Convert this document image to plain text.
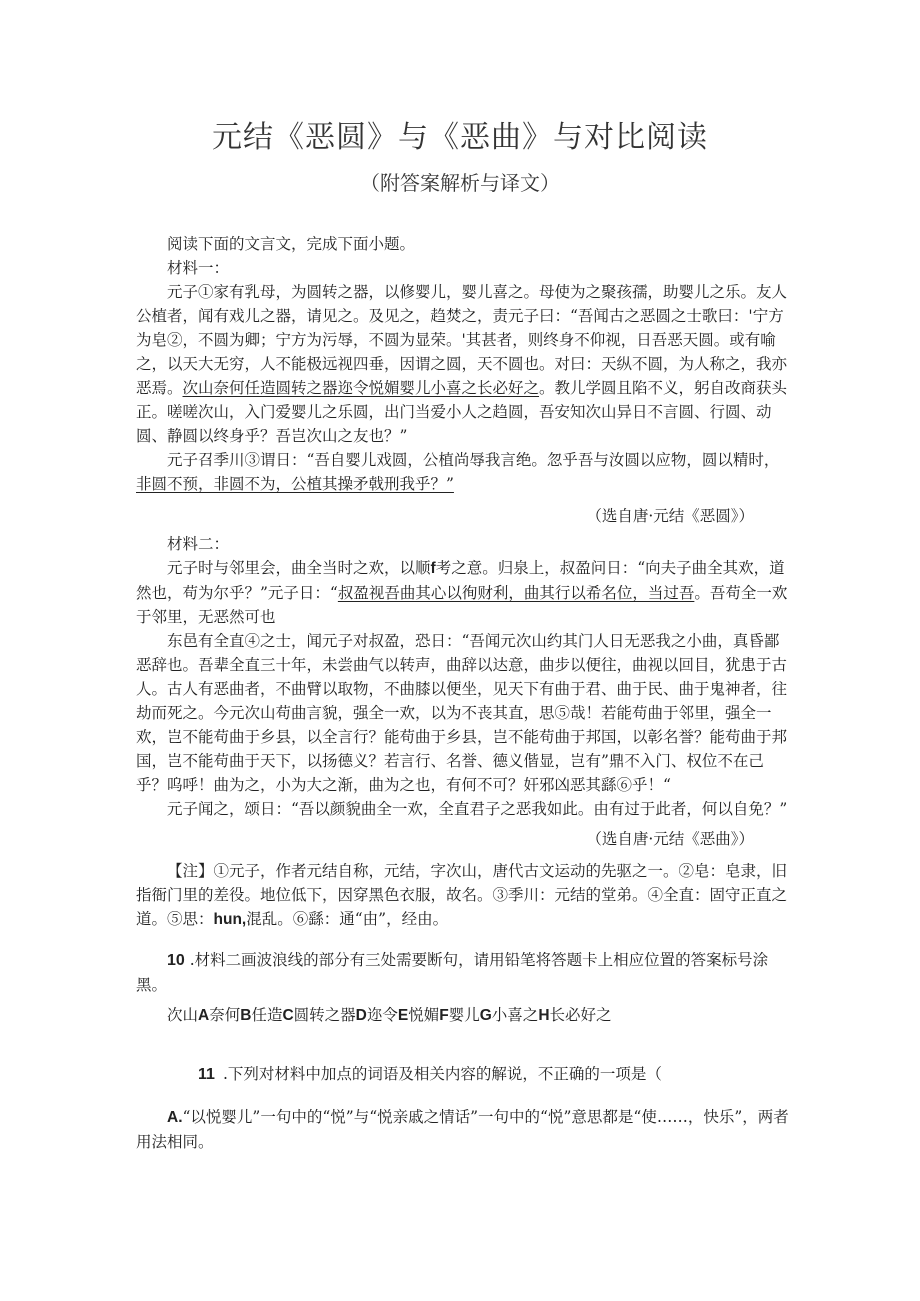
元结《恶圆》与《恶曲》与对比阅读
（附答案解析与译文）

阅读下面的文言文，完成下面小题。

材料一：

元子①家有乳母，为圆转之器，以修婴儿，婴儿喜之。母使为之聚孩孺，助婴儿之乐。友人公植者，闻有戏儿之器，请见之。及见之，趋焚之，责元子曰：“吾闻古之恶圆之士歌曰：'宁方为皂②，不圆为卿；宁方为污辱，不圆为显荣。'其甚者，则终身不仰视，日吾恶天圆。或有喻之，以天大无穷，人不能极远视四垂，因谓之圆，天不圆也。对曰：天纵不圆，为人称之，我亦恶焉。次山奈何任造圆转之器迩令悦媚婴儿小喜之长必好之。教儿学圆且陷不义，躬自改商获头正。嗟嗟次山，入门爱婴儿之乐圆，出门当爱小人之趋圆，吾安知次山异日不言圆、行圆、动圆、静圆以终身乎？吾岂次山之友也？”

元子召季川③谓日：“吾自婴儿戏圆，公植尚辱我言绝。忽乎吾与汝圆以应物，圆以精时，非圆不预，非圆不为，公植其操矛戟刑我乎？”

（选自唐·元结《恶圆》）

材料二：

元子时与邻里会，曲全当时之欢，以顺f考之意。归泉上，叔盈问日：“向夫子曲全其欢，道然也，苟为尔乎？”元子日：“叔盈视吾曲其心以徇财利，曲其行以希名位，当过吾。吾苟全一欢于邻里，无恶然可也

东邑有全直④之士，闻元子对叔盈，恐日：“吾闻元次山约其门人日无恶我之小曲，真昏鄙恶辞也。吾辈全直三十年，未尝曲气以转声，曲辞以达意，曲步以便往，曲视以回目，犹患于古人。古人有恶曲者，不曲臂以取物，不曲膝以便坐，见天下有曲于君、曲于民、曲于鬼神者，往劫而死之。今元次山苟曲言貌，强全一欢，以为不丧其直，思⑤哉！若能苟曲于邻里，强全一欢，岂不能苟曲于乡县，以全言行？能苟曲于乡县，岂不能苟曲于邦国，以彰名誉？能苟曲于邦国，岂不能苟曲于天下，以扬德义？若言行、名誉、德义偕显，岂有”鼎不入门、权位不在己乎？呜呼！曲为之，小为大之渐，曲为之也，有何不可？奸邪凶恶其繇⑥乎！“

元子闻之，颂日：“吾以颜貌曲全一欢，全直君子之恶我如此。由有过于此者，何以自免？”

（选自唐·元结《恶曲》）

【注】①元子，作者元结自称，元结，字次山，唐代古文运动的先驱之一。②皂：皂隶，旧指衙门里的差役。地位低下，因穿黑色衣服，故名。③季川：元结的堂弟。④全直：固守正直之道。⑤思：hun,混乱。⑥繇：通“由”，经由。

10 .材料二画波浪线的部分有三处需要断句，请用铅笔将答题卡上相应位置的答案标号涂黑。

次山A奈何B任造C圆转之器D迩令E悦媚F婴儿G小喜之H长必好之

11 .下列对材料中加点的词语及相关内容的解说，不正确的一项是（

A.“以悦婴儿”一句中的“悦”与“悦亲戚之情话”一句中的“悦”意思都是“使……，快乐”，两者用法相同。
